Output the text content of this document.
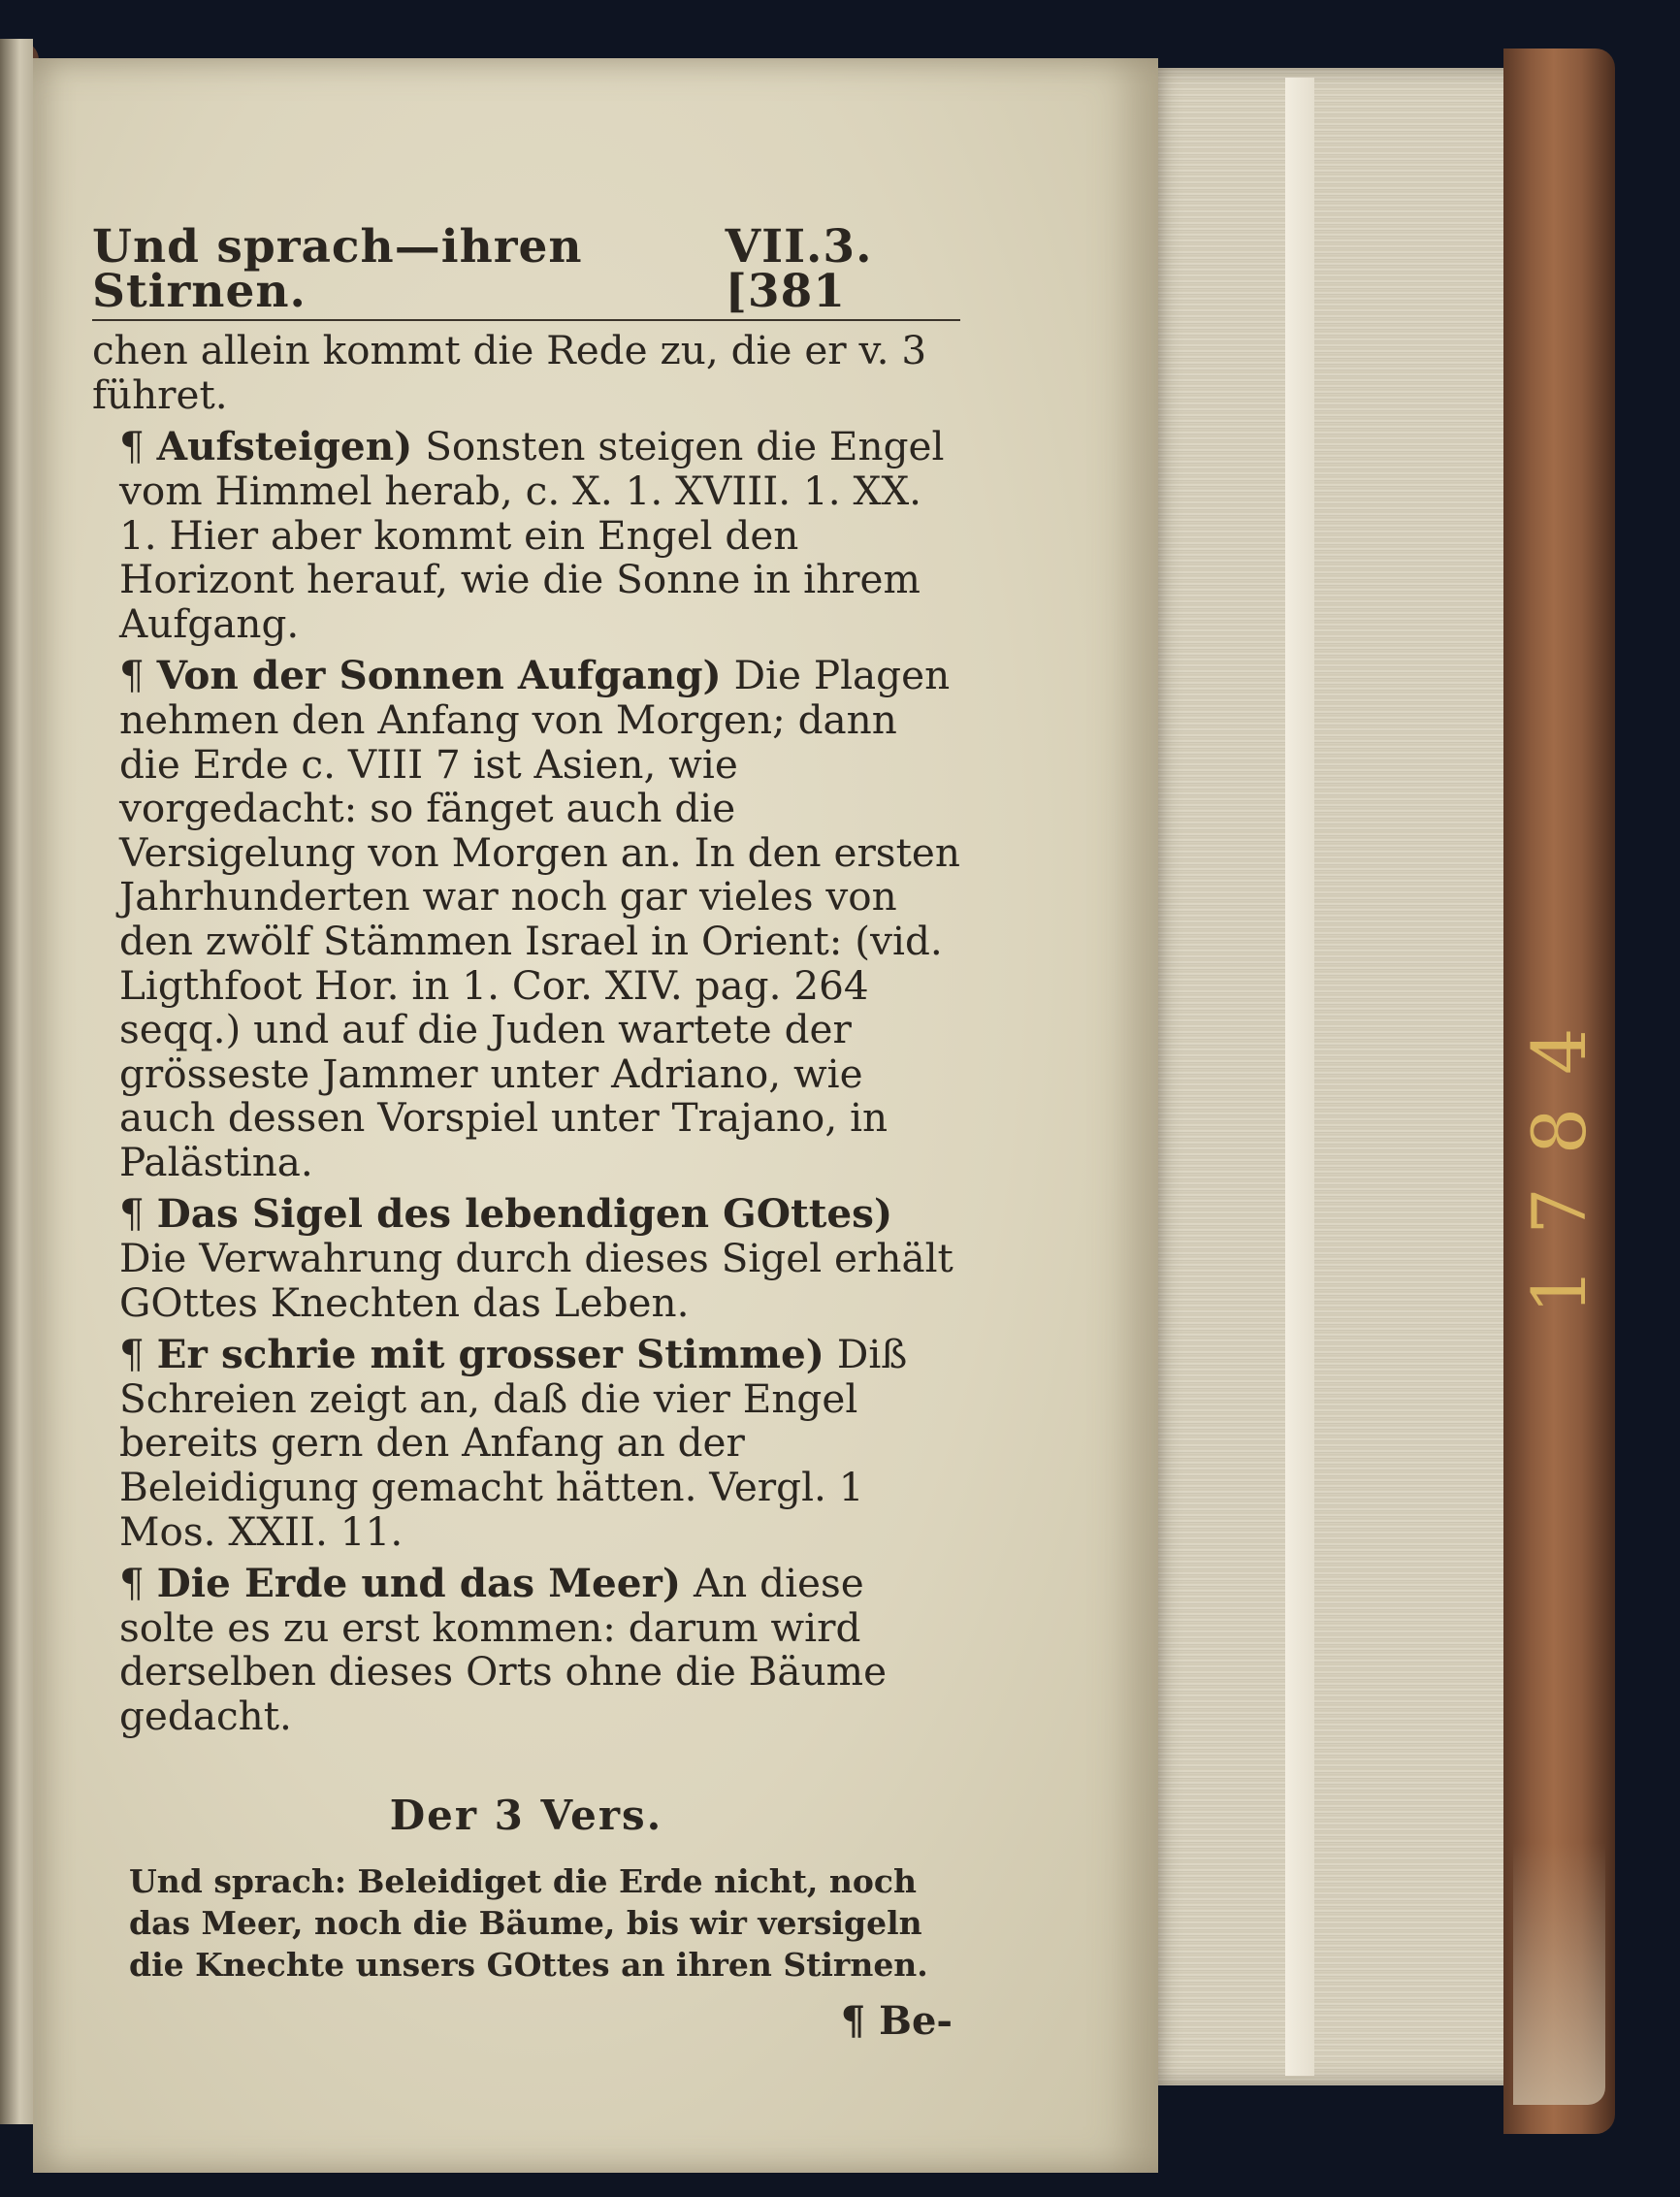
1784
Und sprach—ihren Stirnen.
VII.3.[381

chen allein kommt die Rede zu, die er v. 3 führet.

¶ Aufsteigen) Sonsten steigen die Engel vom Himmel herab, c. X. 1. XVIII. 1. XX. 1. Hier aber kommt ein Engel den Horizont herauf, wie die Sonne in ihrem Aufgang.

¶ Von der Sonnen Aufgang) Die Plagen nehmen den Anfang von Morgen; dann die Erde c. VIII 7 ist Asien, wie vorgedacht: so fänget auch die Versigelung von Morgen an. In den ersten Jahrhunderten war noch gar vieles von den zwölf Stämmen Israel in Orient: (vid. Ligthfoot Hor. in 1. Cor. XIV. pag. 264 seqq.) und auf die Juden wartete der grösseste Jammer unter Adriano, wie auch dessen Vorspiel unter Trajano, in Palästina.

¶ Das Sigel des lebendigen GOttes) Die Verwahrung durch dieses Sigel erhält GOttes Knechten das Leben.

¶ Er schrie mit grosser Stimme) Diß Schreien zeigt an, daß die vier Engel bereits gern den Anfang an der Beleidigung gemacht hätten. Vergl. 1 Mos. XXII. 11.

¶ Die Erde und das Meer) An diese solte es zu erst kommen: darum wird derselben dieses Orts ohne die Bäume gedacht.

Der 3 Vers.

Und sprach: Beleidiget die Erde nicht, noch das Meer, noch die Bäume, bis wir versigeln die Knechte unsers GOttes an ihren Stirnen.

¶ Be-
